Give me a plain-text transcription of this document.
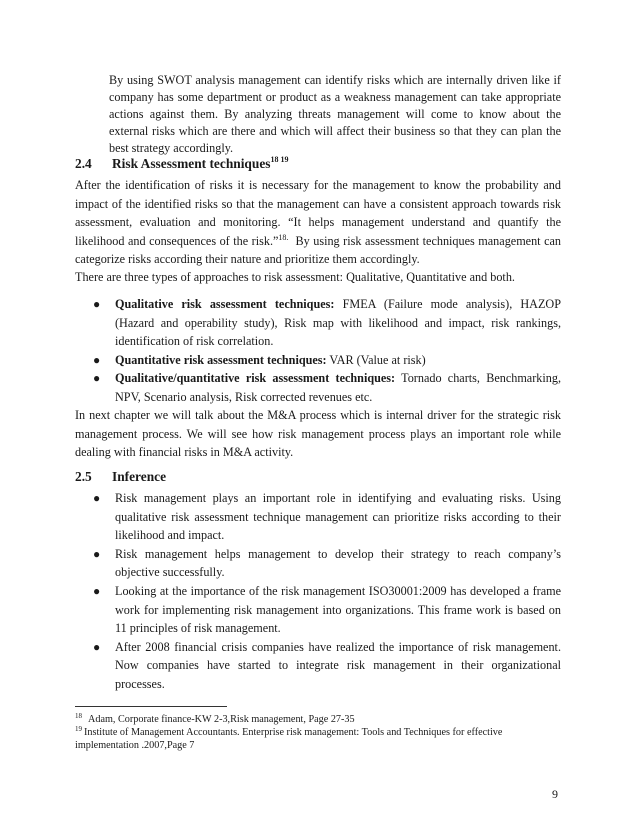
By using SWOT analysis management can identify risks which are internally driven like if company has some department or product as a weakness management can take appropriate actions against them. By analyzing threats management will come to know about the external risks which are there and which will affect their business so that they can plan the best strategy accordingly.

2.4 Risk Assessment techniques$^{18 19}$

After the identification of risks it is necessary for the management to know the probability and impact of the identified risks so that the management can have a consistent approach towards risk assessment, evaluation and monitoring. “It helps management understand and quantify the likelihood and consequences of the risk.”$^{18.}$ By using risk assessment techniques management can categorize risks according their nature and prioritize them accordingly.

There are three types of approaches to risk assessment: Qualitative, Quantitative and both.

● Qualitative risk assessment techniques: FMEA (Failure mode analysis), HAZOP (Hazard and operability study), Risk map with likelihood and impact, risk rankings, identification of risk correlation.
● Quantitative risk assessment techniques: VAR (Value at risk)
● Qualitative/quantitative risk assessment techniques: Tornado charts, Benchmarking, NPV, Scenario analysis, Risk corrected revenues etc.

In next chapter we will talk about the M&A process which is internal driver for the strategic risk management process. We will see how risk management process plays an important role while dealing with financial risks in M&A activity.

2.5 Inference
● Risk management plays an important role in identifying and evaluating risks. Using qualitative risk assessment technique management can prioritize risks according to their likelihood and impact.
● Risk management helps management to develop their strategy to reach company’s objective successfully.
● Looking at the importance of the risk management ISO30001:2009 has developed a frame work for implementing risk management into organizations. This frame work is based on 11 principles of risk management.
● After 2008 financial crisis companies have realized the importance of risk management. Now companies have started to integrate risk management in their organizational processes.

$^{18}$ Adam, Corporate finance-KW 2-3,Risk management, Page 27-35

$^{19}$ Institute of Management Accountants. Enterprise risk management: Tools and Techniques for effective implementation .2007,Page 7

9
